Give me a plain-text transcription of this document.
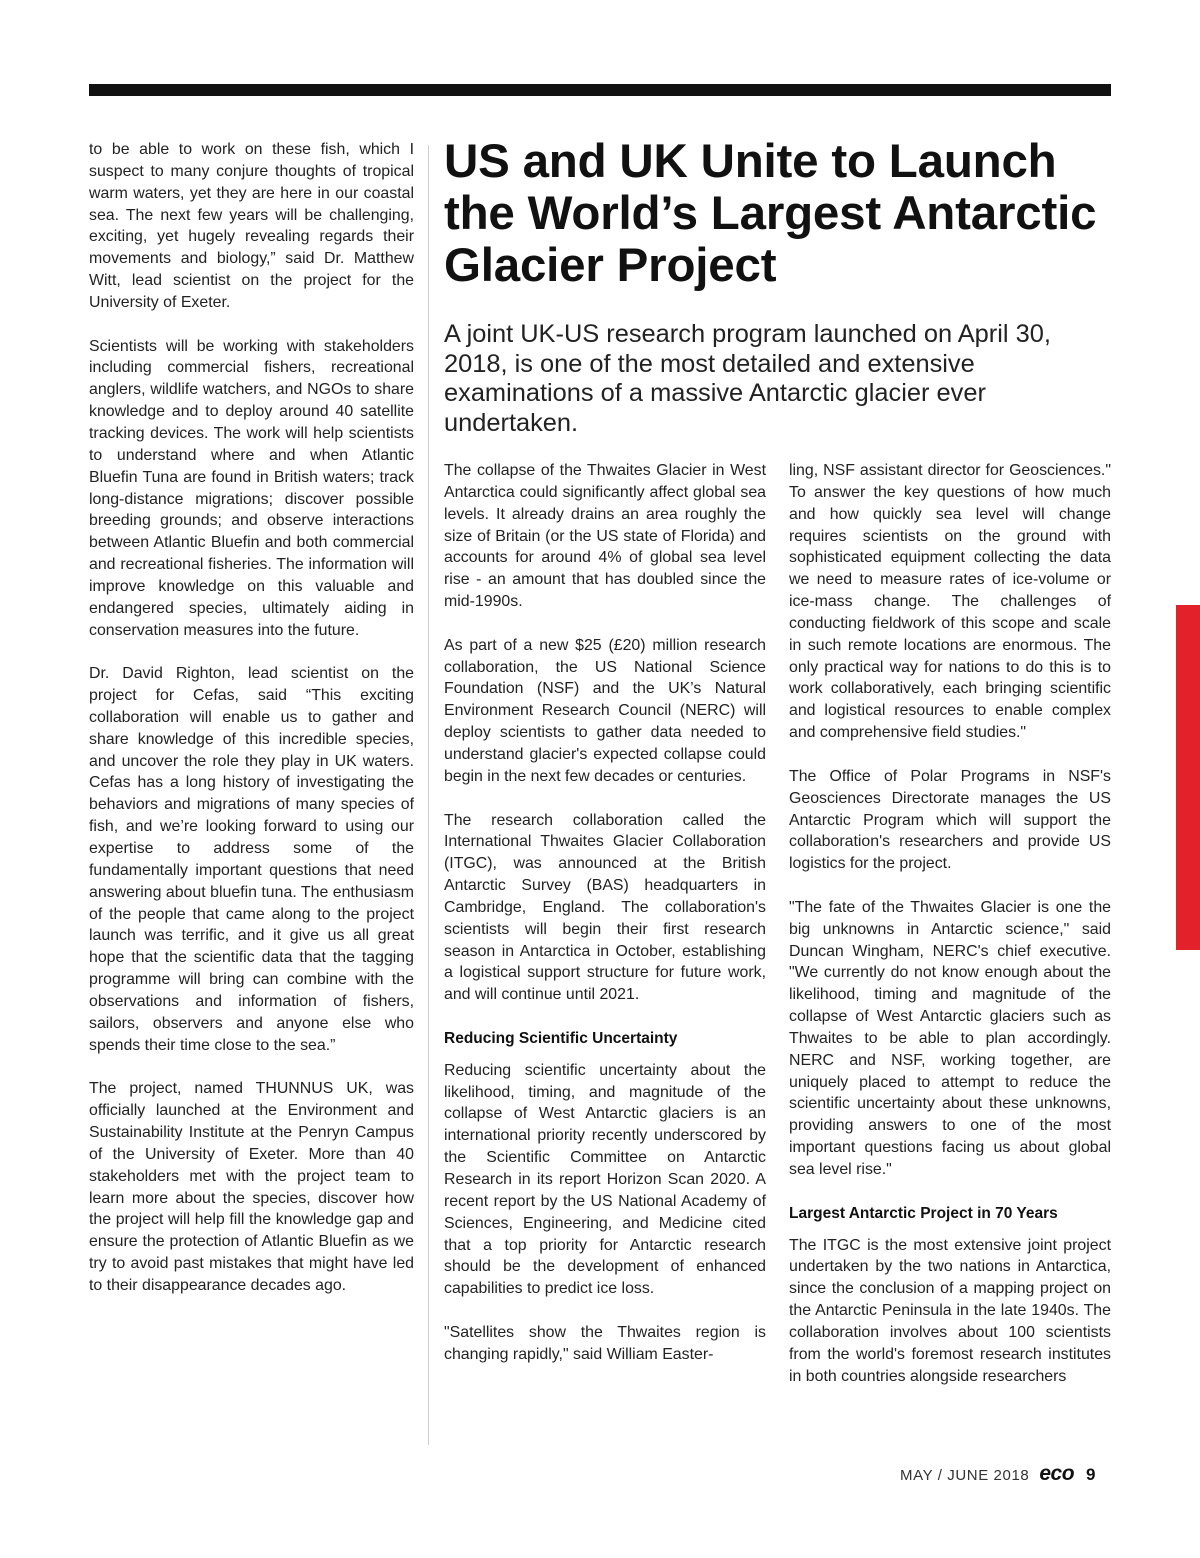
to be able to work on these fish, which I suspect to many conjure thoughts of tropical warm waters, yet they are here in our coastal sea. The next few years will be challenging, exciting, yet hugely revealing regards their movements and biology,” said Dr. Matthew Witt, lead scientist on the project for the University of Exeter.

Scientists will be working with stakeholders including commercial fishers, recreational anglers, wildlife watchers, and NGOs to share knowledge and to deploy around 40 satellite tracking devices. The work will help scientists to understand where and when Atlantic Bluefin Tuna are found in British waters; track long-distance migrations; discover possible breeding grounds; and observe interactions between Atlantic Bluefin and both commercial and recreational fisheries. The information will improve knowledge on this valuable and endangered species, ultimately aiding in conservation measures into the future.

Dr. David Righton, lead scientist on the project for Cefas, said “This exciting collaboration will enable us to gather and share knowledge of this incredible species, and uncover the role they play in UK waters. Cefas has a long history of investigating the behaviors and migrations of many species of fish, and we’re looking forward to using our expertise to address some of the fundamentally important questions that need answering about bluefin tuna. The enthusiasm of the people that came along to the project launch was terrific, and it give us all great hope that the scientific data that the tagging programme will bring can combine with the observations and information of fishers, sailors, observers and anyone else who spends their time close to the sea.”

The project, named THUNNUS UK, was officially launched at the Environment and Sustainability Institute at the Penryn Campus of the University of Exeter. More than 40 stakeholders met with the project team to learn more about the species, discover how the project will help fill the knowledge gap and ensure the protection of Atlantic Bluefin as we try to avoid past mistakes that might have led to their disappearance decades ago.

US and UK Unite to Launch the World’s Largest Antarctic Glacier Project
A joint UK-US research program launched on April 30, 2018, is one of the most detailed and extensive examinations of a massive Antarctic glacier ever undertaken.

The collapse of the Thwaites Glacier in West Antarctica could significantly affect global sea levels. It already drains an area roughly the size of Britain (or the US state of Florida) and accounts for around 4% of global sea level rise - an amount that has doubled since the mid-1990s.

As part of a new $25 (£20) million research collaboration, the US National Science Foundation (NSF) and the UK’s Natural Environment Research Council (NERC) will deploy scientists to gather data needed to understand glacier's expected collapse could begin in the next few decades or centuries.

The research collaboration called the International Thwaites Glacier Collaboration (ITGC), was announced at the British Antarctic Survey (BAS) headquarters in Cambridge, England. The collaboration's scientists will begin their first research season in Antarctica in October, establishing a logistical support structure for future work, and will continue until 2021.

Reducing Scientific Uncertainty

Reducing scientific uncertainty about the likelihood, timing, and magnitude of the collapse of West Antarctic glaciers is an international priority recently underscored by the Scientific Committee on Antarctic Research in its report Horizon Scan 2020. A recent report by the US National Academy of Sciences, Engineering, and Medicine cited that a top priority for Antarctic research should be the development of enhanced capabilities to predict ice loss.

"Satellites show the Thwaites region is changing rapidly," said William Easter-

ling, NSF assistant director for Geosciences." To answer the key questions of how much and how quickly sea level will change requires scientists on the ground with sophisticated equipment collecting the data we need to measure rates of ice-volume or ice-mass change. The challenges of conducting fieldwork of this scope and scale in such remote locations are enormous. The only practical way for nations to do this is to work collaboratively, each bringing scientific and logistical resources to enable complex and comprehensive field studies."

The Office of Polar Programs in NSF's Geosciences Directorate manages the US Antarctic Program which will support the collaboration's researchers and provide US logistics for the project.

"The fate of the Thwaites Glacier is one the big unknowns in Antarctic science," said Duncan Wingham, NERC's chief executive. "We currently do not know enough about the likelihood, timing and magnitude of the collapse of West Antarctic glaciers such as Thwaites to be able to plan accordingly. NERC and NSF, working together, are uniquely placed to attempt to reduce the scientific uncertainty about these unknowns, providing answers to one of the most important questions facing us about global sea level rise."

Largest Antarctic Project in 70 Years

The ITGC is the most extensive joint project undertaken by the two nations in Antarctica, since the conclusion of a mapping project on the Antarctic Peninsula in the late 1940s. The collaboration involves about 100 scientists from the world's foremost research institutes in both countries alongside researchers

MAY / JUNE 2018 eco 9
